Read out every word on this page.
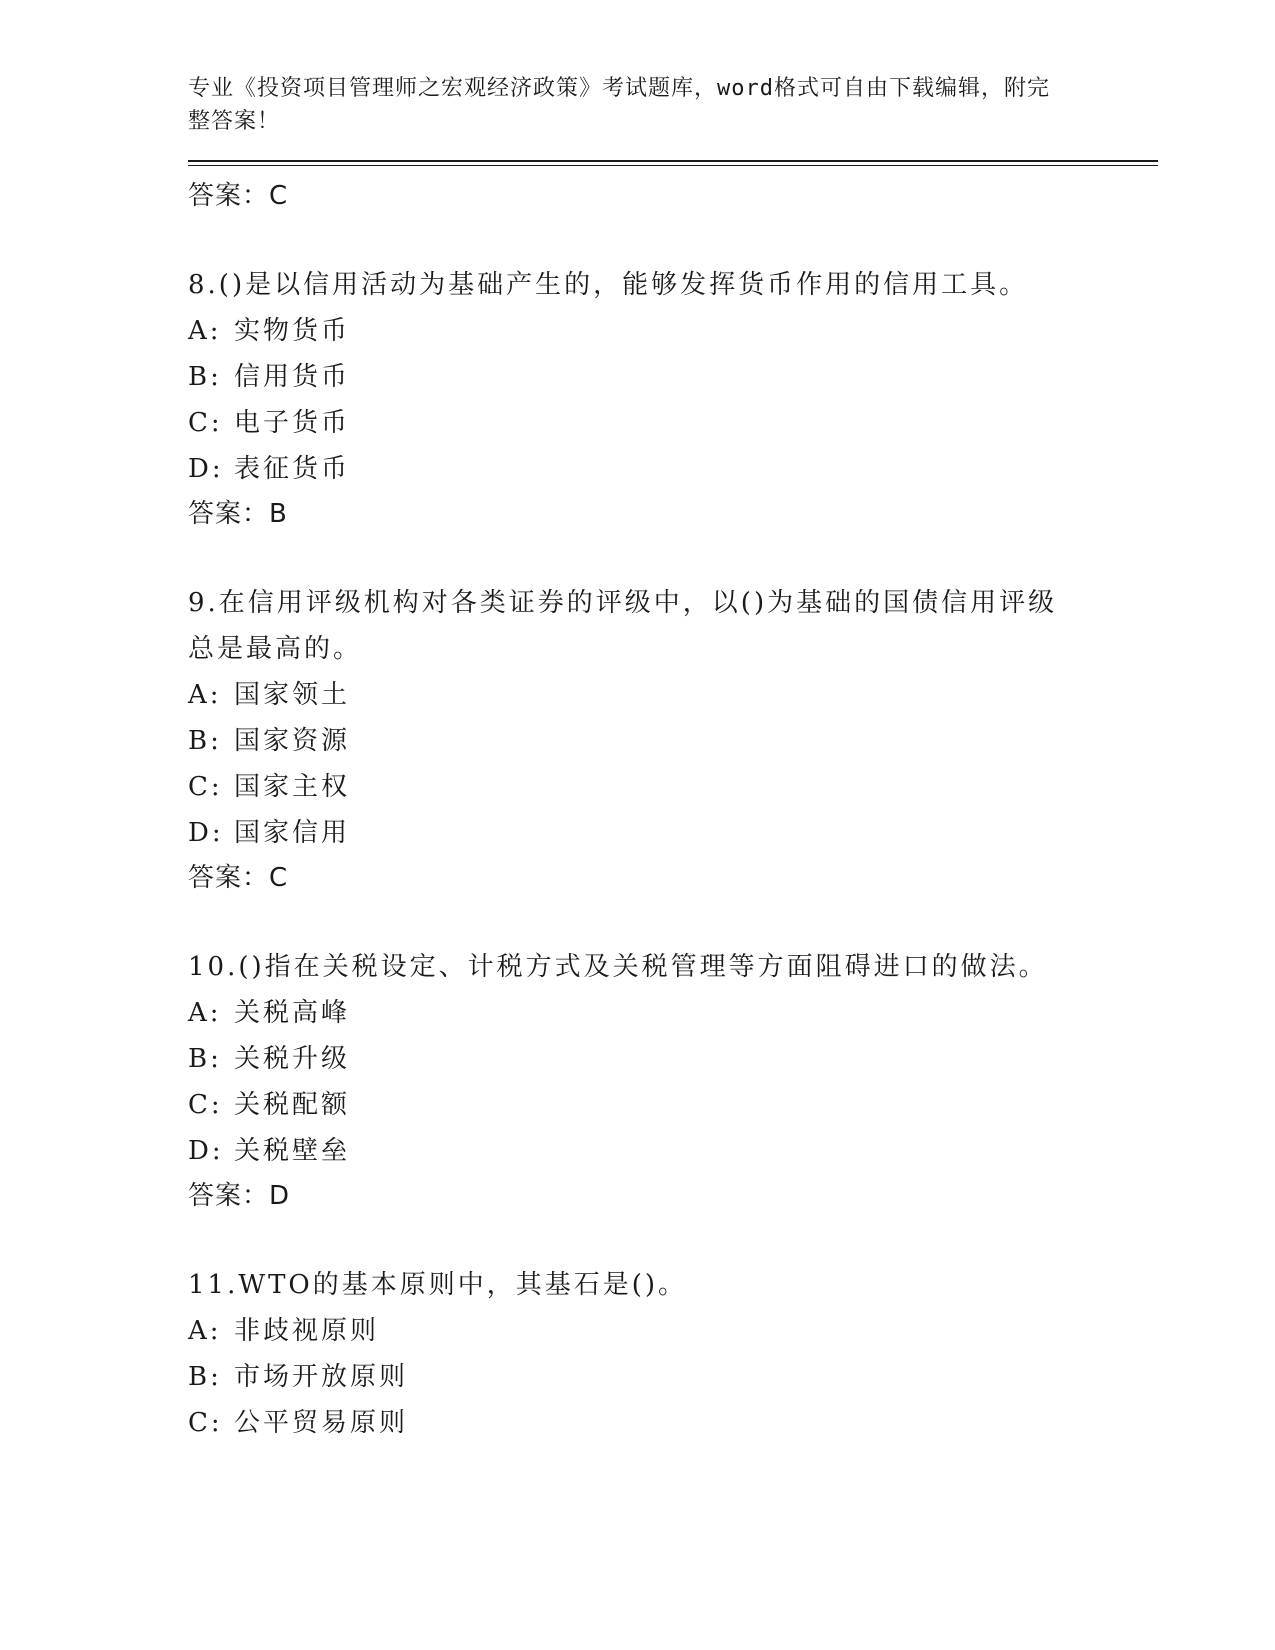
专业《投资项目管理师之宏观经济政策》考试题库，word格式可自由下载编辑，附完整答案！
答案：C
8.()是以信用活动为基础产生的，能够发挥货币作用的信用工具。
A: 实物货币
B: 信用货币
C: 电子货币
D: 表征货币
答案：B
9.在信用评级机构对各类证券的评级中，以()为基础的国债信用评级总是最高的。
A: 国家领土
B: 国家资源
C: 国家主权
D: 国家信用
答案：C
10.()指在关税设定、计税方式及关税管理等方面阻碍进口的做法。
A: 关税高峰
B: 关税升级
C: 关税配额
D: 关税壁垒
答案：D
11.WTO的基本原则中，其基石是()。
A: 非歧视原则
B: 市场开放原则
C: 公平贸易原则
